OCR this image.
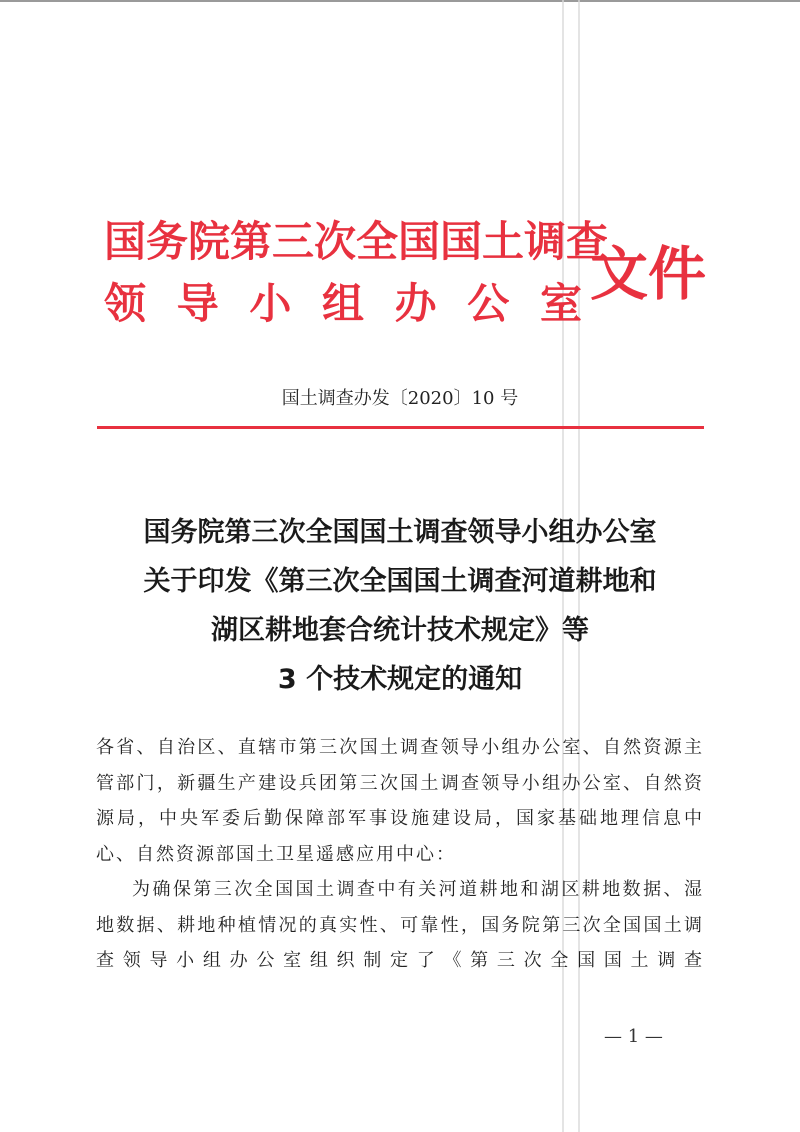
国务院第三次全国国土调查
领 导 小 组 办 公 室 文件
国土调查办发〔2020〕10 号
国务院第三次全国国土调查领导小组办公室
关于印发《第三次全国国土调查河道耕地和
湖区耕地套合统计技术规定》等
3 个技术规定的通知

各省、自治区、直辖市第三次国土调查领导小组办公室、自然资源主管部门，新疆生产建设兵团第三次国土调查领导小组办公室、自然资源局，中央军委后勤保障部军事设施建设局，国家基础地理信息中心、自然资源部国土卫星遥感应用中心：

为确保第三次全国国土调查中有关河道耕地和湖区耕地数据、湿地数据、耕地种植情况的真实性、可靠性，国务院第三次全国国土调查领导小组办公室组织制定了《第三次全国国土调查

— 1 —
